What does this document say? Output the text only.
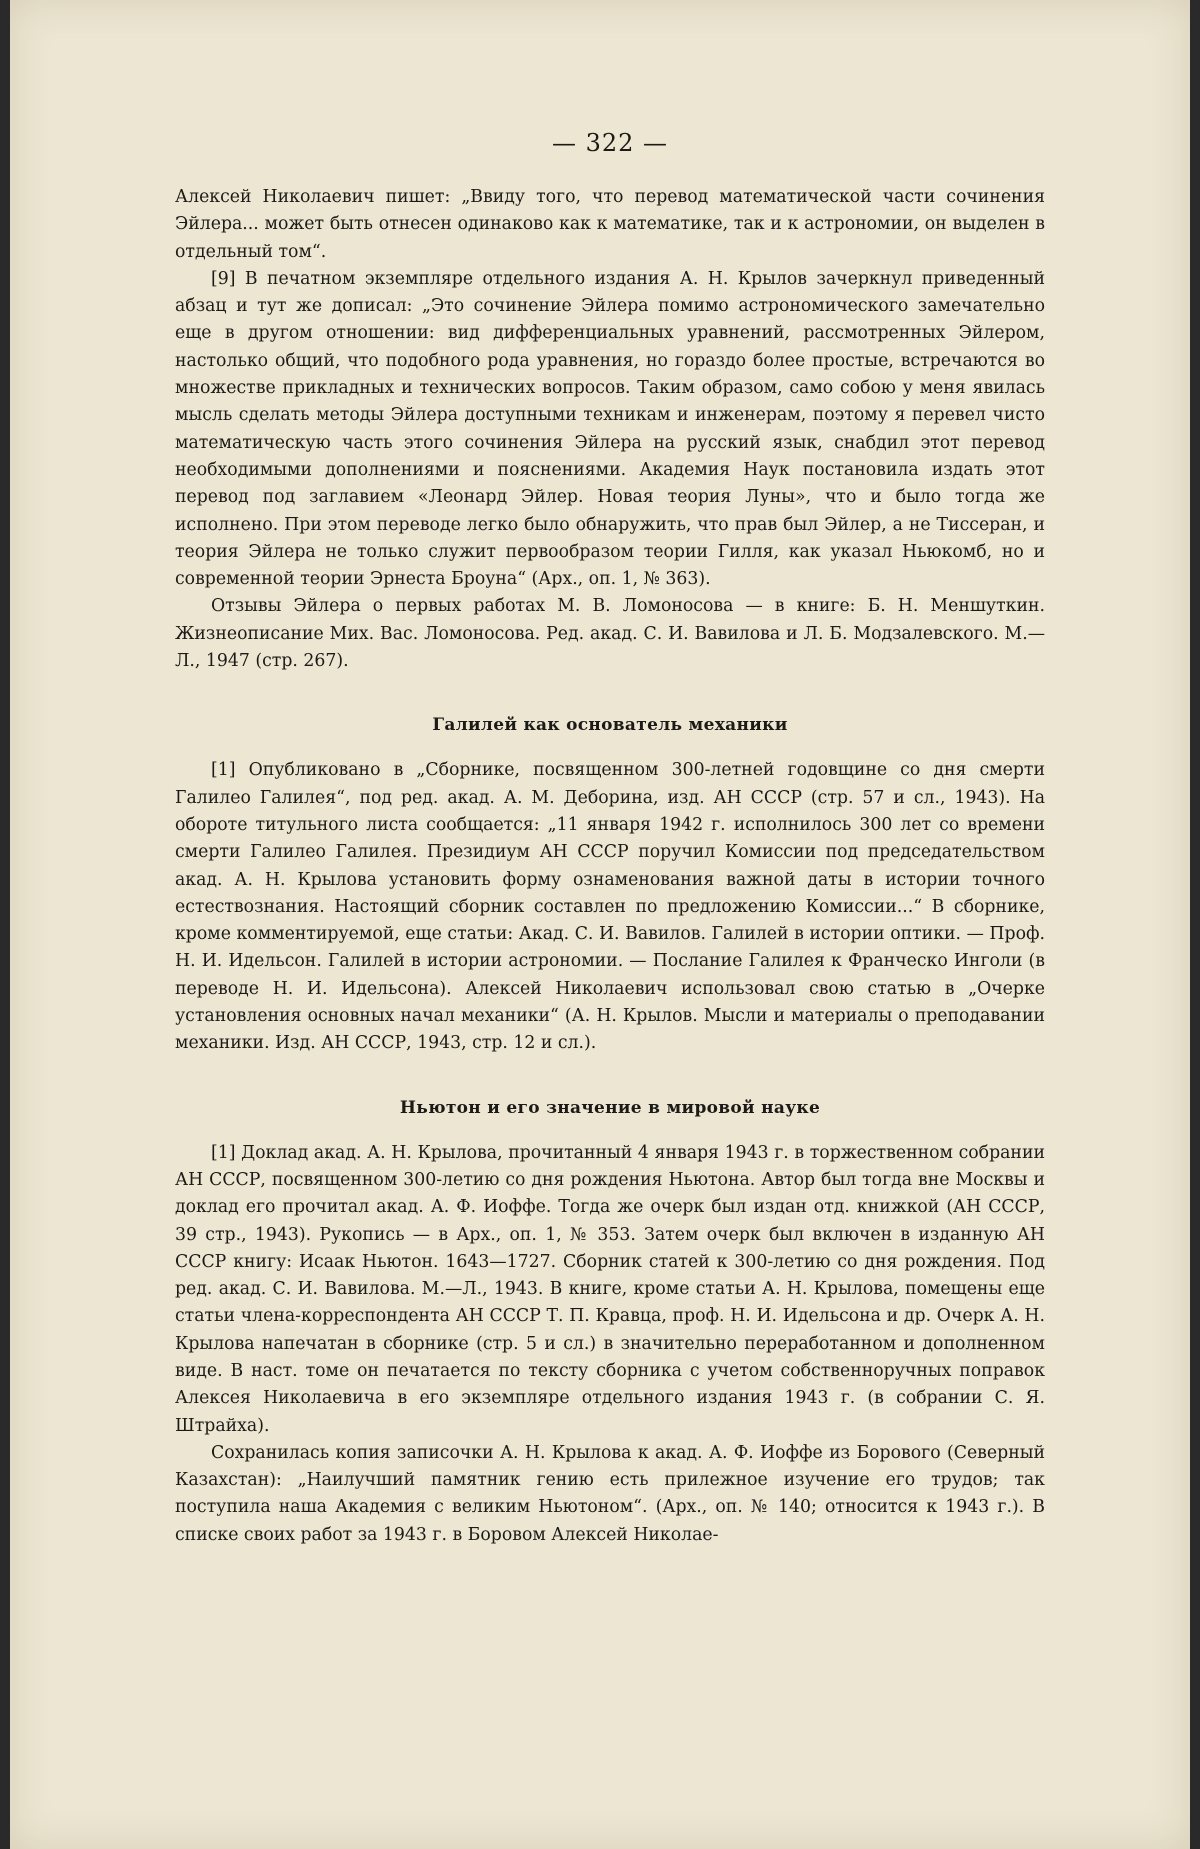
— 322 —

Алексей Николаевич пишет: „Ввиду того, что перевод математической части сочинения Эйлера... может быть отнесен одинаково как к математике, так и к астрономии, он выделен в отдельный том“.

[9] В печатном экземпляре отдельного издания А. Н. Крылов зачеркнул приведенный абзац и тут же дописал: „Это сочинение Эйлера помимо астрономического замечательно еще в другом отношении: вид дифференциальных уравнений, рассмотренных Эйлером, настолько общий, что подобного рода уравнения, но гораздо более простые, встречаются во множестве прикладных и технических вопросов. Таким образом, само собою у меня явилась мысль сделать методы Эйлера доступными техникам и инженерам, поэтому я перевел чисто математическую часть этого сочинения Эйлера на русский язык, снабдил этот перевод необходимыми дополнениями и пояснениями. Академия Наук постановила издать этот перевод под заглавием «Леонард Эйлер. Новая теория Луны», что и было тогда же исполнено. При этом переводе легко было обнаружить, что прав был Эйлер, а не Тиссеран, и теория Эйлера не только служит первообразом теории Гилля, как указал Ньюкомб, но и современной теории Эрнеста Броуна“ (Арх., оп. 1, № 363).

Отзывы Эйлера о первых работах М. В. Ломоносова — в книге: Б. Н. Меншуткин. Жизнеописание Мих. Вас. Ломоносова. Ред. акад. С. И. Вавилова и Л. Б. Модзалевского. М.—Л., 1947 (стр. 267).

Галилей как основатель механики

[1] Опубликовано в „Сборнике, посвященном 300-летней годовщине со дня смерти Галилео Галилея“, под ред. акад. А. М. Деборина, изд. АН СССР (стр. 57 и сл., 1943). На обороте титульного листа сообщается: „11 января 1942 г. исполнилось 300 лет со времени смерти Галилео Галилея. Президиум АН СССР поручил Комиссии под председательством акад. А. Н. Крылова установить форму ознаменования важной даты в истории точного естествознания. Настоящий сборник составлен по предложению Комиссии...“ В сборнике, кроме комментируемой, еще статьи: Акад. С. И. Вавилов. Галилей в истории оптики. — Проф. Н. И. Идельсон. Галилей в истории астрономии. — Послание Галилея к Франческо Инголи (в переводе Н. И. Идельсона). Алексей Николаевич использовал свою статью в „Очерке установления основных начал механики“ (А. Н. Крылов. Мысли и материалы о преподавании механики. Изд. АН СССР, 1943, стр. 12 и сл.).

Ньютон и его значение в мировой науке

[1] Доклад акад. А. Н. Крылова, прочитанный 4 января 1943 г. в торжественном собрании АН СССР, посвященном 300-летию со дня рождения Ньютона. Автор был тогда вне Москвы и доклад его прочитал акад. А. Ф. Иоффе. Тогда же очерк был издан отд. книжкой (АН СССР, 39 стр., 1943). Рукопись — в Арх., оп. 1, № 353. Затем очерк был включен в изданную АН СССР книгу: Исаак Ньютон. 1643—1727. Сборник статей к 300-летию со дня рождения. Под ред. акад. С. И. Вавилова. М.—Л., 1943. В книге, кроме статьи А. Н. Крылова, помещены еще статьи члена-корреспондента АН СССР Т. П. Кравца, проф. Н. И. Идельсона и др. Очерк А. Н. Крылова напечатан в сборнике (стр. 5 и сл.) в значительно переработанном и дополненном виде. В наст. томе он печатается по тексту сборника с учетом собственноручных поправок Алексея Николаевича в его экземпляре отдельного издания 1943 г. (в собрании С. Я. Штрайха).

Сохранилась копия записочки А. Н. Крылова к акад. А. Ф. Иоффе из Борового (Северный Казахстан): „Наилучший памятник гению есть прилежное изучение его трудов; так поступила наша Академия с великим Ньютоном“. (Арх., оп. № 140; относится к 1943 г.). В списке своих работ за 1943 г. в Боровом Алексей Николае-
